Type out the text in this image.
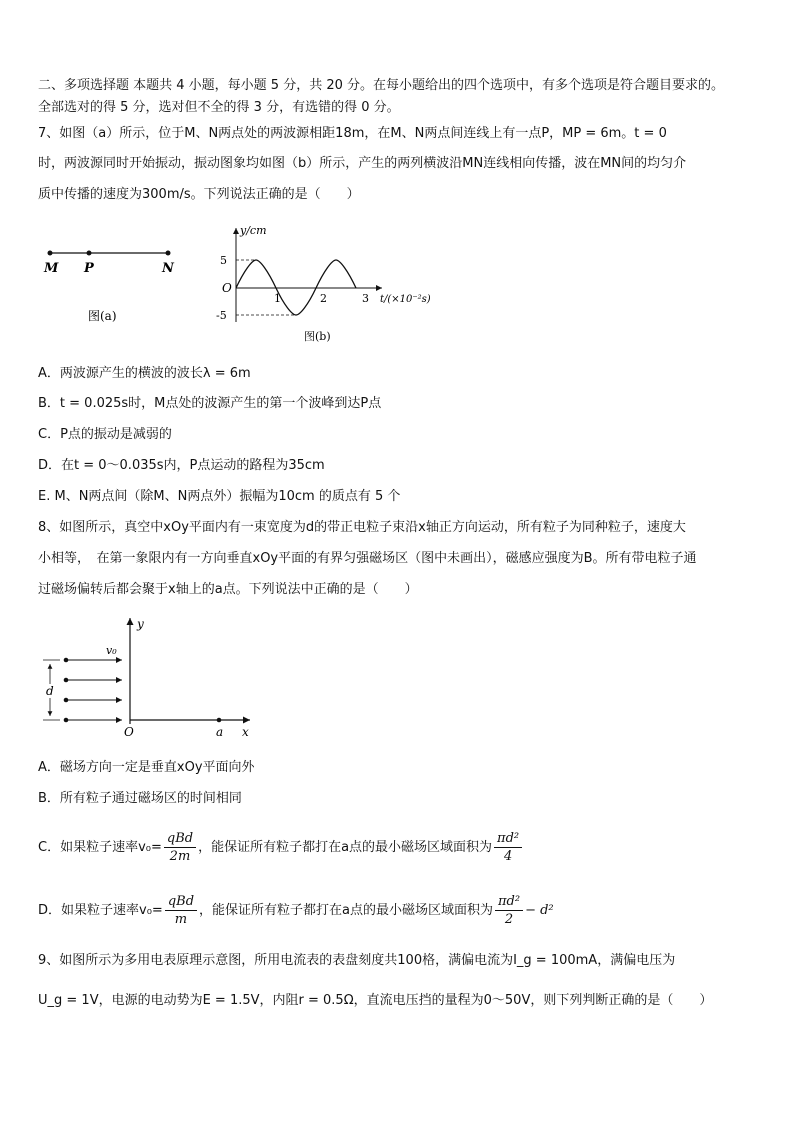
二、多项选择题 本题共 4 小题，每小题 5 分，共 20 分。在每小题给出的四个选项中，有多个选项是符合题目要求的。
全部选对的得 5 分，选对但不全的得 3 分，有选错的得 0 分。
7、如图（a）所示，位于M、N两点处的两波源相距18m，在M、N两点间连线上有一点P，MP = 6m。t = 0
时，两波源同时开始振动，振动图象均如图（b）所示，产生的两列横波沿MN连线相向传播，波在MN间的均匀介
质中传播的速度为300m/s。下列说法正确的是（　　）
M P	N
图(a)
y/cm
5
-5
O
1	2	3 t/(×10⁻²s)
图(b)
A．两波源产生的横波的波长λ = 6m
B．t = 0.025s时，M点处的波源产生的第一个波峰到达P点
C．P点的振动是减弱的
D．在t = 0～0.035s内，P点运动的路程为35cm
E. M、N两点间（除M、N两点外）振幅为10cm 的质点有 5 个
8、如图所示，真空中xOy平面内有一束宽度为d的带正电粒子束沿x轴正方向运动，所有粒子为同种粒子，速度大
小相等，　在第一象限内有一方向垂直xOy平面的有界匀强磁场区（图中未画出），磁感应强度为B。所有带电粒子通
过磁场偏转后都会聚于x轴上的a点。下列说法中正确的是（　　）
y
x
O	a
v₀
d
A．磁场方向一定是垂直xOy平面向外
B．所有粒子通过磁场区的时间相同
C．如果粒子速率$v_0= \frac{\text{qBd}}{2m}$ ，能保证所有粒子都打在a点的最小磁场区域面积为 $\frac{\text{πd²}}{4}$
D．如果粒子速率$v_0= \frac{\text{qBd}}{m}$ ，能保证所有粒子都打在a点的最小磁场区域面积为 $\frac{\text{πd²}}{2} - d^2$
9、如图所示为多用电表原理示意图，所用电流表的表盘刻度共100格，满偏电流为I_g = 100mA，满偏电压为
U_g = 1V，电源的电动势为E = 1.5V，内阻r = 0.5Ω，直流电压挡的量程为0～50V，则下列判断正确的是（　　）
